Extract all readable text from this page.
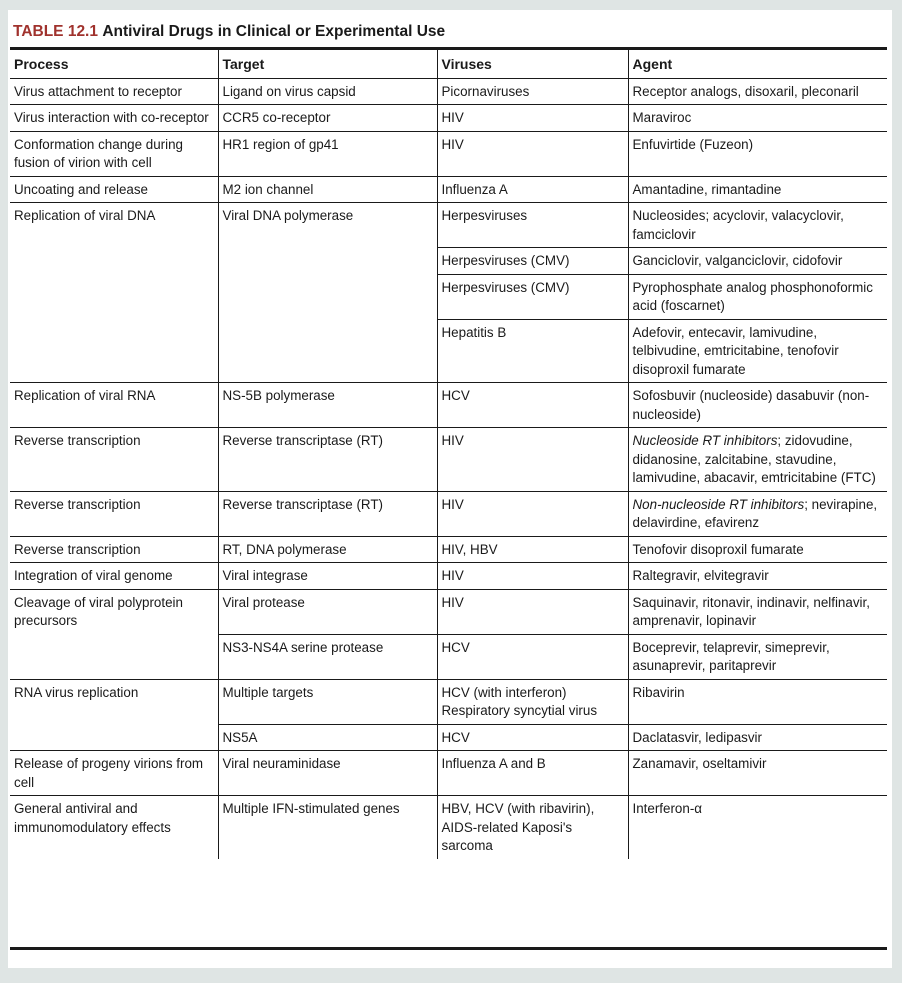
TABLE 12.1 Antiviral Drugs in Clinical or Experimental Use
Process	Target	Viruses	Agent
Virus attachment to receptor	Ligand on virus capsid	Picornaviruses	Receptor analogs, disoxaril, pleconaril
Virus interaction with co-receptor	CCR5 co-receptor	HIV	Maraviroc
Conformation change during fusion of virion with cell	HR1 region of gp41	HIV	Enfuvirtide (Fuzeon)
Uncoating and release	M2 ion channel	Influenza A	Amantadine, rimantadine
Replication of viral DNA	Viral DNA polymerase	Herpesviruses	Nucleosides; acyclovir, valacyclovir, famciclovir
		Herpesviruses (CMV)	Ganciclovir, valganciclovir, cidofovir
		Herpesviruses (CMV)	Pyrophosphate analog phosphonoformic acid (foscarnet)
		Hepatitis B	Adefovir, entecavir, lamivudine, telbivudine, emtricitabine, tenofovir disoproxil fumarate
Replication of viral RNA	NS-5B polymerase	HCV	Sofosbuvir (nucleoside) dasabuvir (non-nucleoside)
Reverse transcription	Reverse transcriptase (RT)	HIV	Nucleoside RT inhibitors; zidovudine, didanosine, zalcitabine, stavudine, lamivudine, abacavir, emtricitabine (FTC)
Reverse transcription	Reverse transcriptase (RT)	HIV	Non-nucleoside RT inhibitors; nevirapine, delavirdine, efavirenz
Reverse transcription	RT, DNA polymerase	HIV, HBV	Tenofovir disoproxil fumarate
Integration of viral genome	Viral integrase	HIV	Raltegravir, elvitegravir
Cleavage of viral polyprotein precursors	Viral protease	HIV	Saquinavir, ritonavir, indinavir, nelfinavir, amprenavir, lopinavir
	NS3-NS4A serine protease	HCV	Boceprevir, telaprevir, simeprevir, asunaprevir, paritaprevir
RNA virus replication	Multiple targets	HCV (with interferon) Respiratory syncytial virus	Ribavirin
	NS5A	HCV	Daclatasvir, ledipasvir
Release of progeny virions from cell	Viral neuraminidase	Influenza A and B	Zanamavir, oseltamivir
General antiviral and immunomodulatory effects	Multiple IFN-stimulated genes	HBV, HCV (with ribavirin), AIDS-related Kaposi's sarcoma	Interferon-α
